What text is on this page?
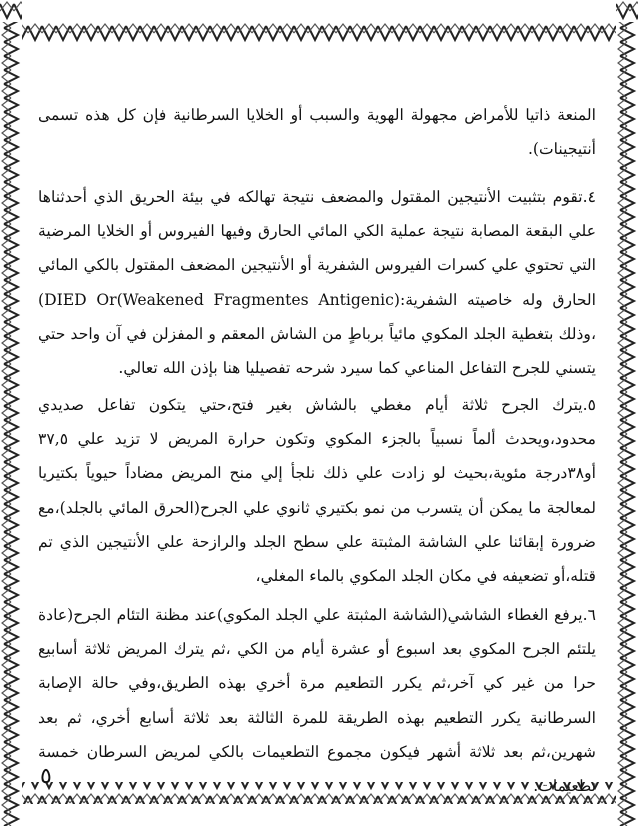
المنعة ذاتيا للأمراض مجهولة الهوية والسبب أو الخلايا السرطانية فإن كل هذه تسمى أنتيجينات).

٤.تقوم بتثبيت الأنتيجين المقتول والمضعف نتيجة تهالكه في بيئة الحريق الذي أحدثناها علي البقعة المصابة نتيجة عملية الكي المائي الحارق وفيها الفيروس أو الخلايا المرضية التي تحتوي علي كسرات الفيروس الشفرية أو الأنتيجين المضعف المقتول بالكي المائي الحارق وله خاصيته الشفرية:(Weakened Fragmentes Antigenic)DIED Or) ،وذلك بتغطية الجلد المكوي مائياً برباطٍ من الشاش المعقم و المفزلن في آن واحد حتي يتسني للجرح التفاعل المناعي كما سيرد شرحه تفصيليا هنا بإذن الله تعالي.

٥.يترك الجرح ثلاثة أيام مغطي بالشاش بغير فتح،حتي يتكون تفاعل صديدي محدود،ويحدث ألماً نسبياً بالجزء المكوي وتكون حرارة المريض لا تزيد علي ٣٧,٥ أو٣٨درجة مئوية،بحيث لو زادت علي ذلك نلجأ إلي منح المريض مضاداً حيوياً بكتيريا لمعالجة ما يمكن أن يتسرب من نمو بكتيري ثانوي علي الجرح(الحرق المائي بالجلد)،مع ضرورة إبقائنا علي الشاشة المثبتة علي سطح الجلد والرازحة علي الأنتيجين الذي تم قتله،أو تضعيفه في مكان الجلد المكوي بالماء المغلي،

٦.يرفع الغطاء الشاشي(الشاشة المثبتة علي الجلد المكوي)عند مظنة التئام الجرح(عادة يلتئم الجرح المكوي بعد اسبوع أو عشرة أيام من الكي ،ثم يترك المريض ثلاثة أسابيع حرا من غير كي آخر،ثم يكرر التطعيم مرة أخري بهذه الطريق،وفي حالة الإصابة السرطانية يكرر التطعيم بهذه الطريقة للمرة الثالثة بعد ثلاثة أسابع أخري، ثم بعد شهرين،ثم بعد ثلاثة أشهر فيكون مجموع التطعيمات بالكي لمريض السرطان خمسة تطعيمات.

٥
